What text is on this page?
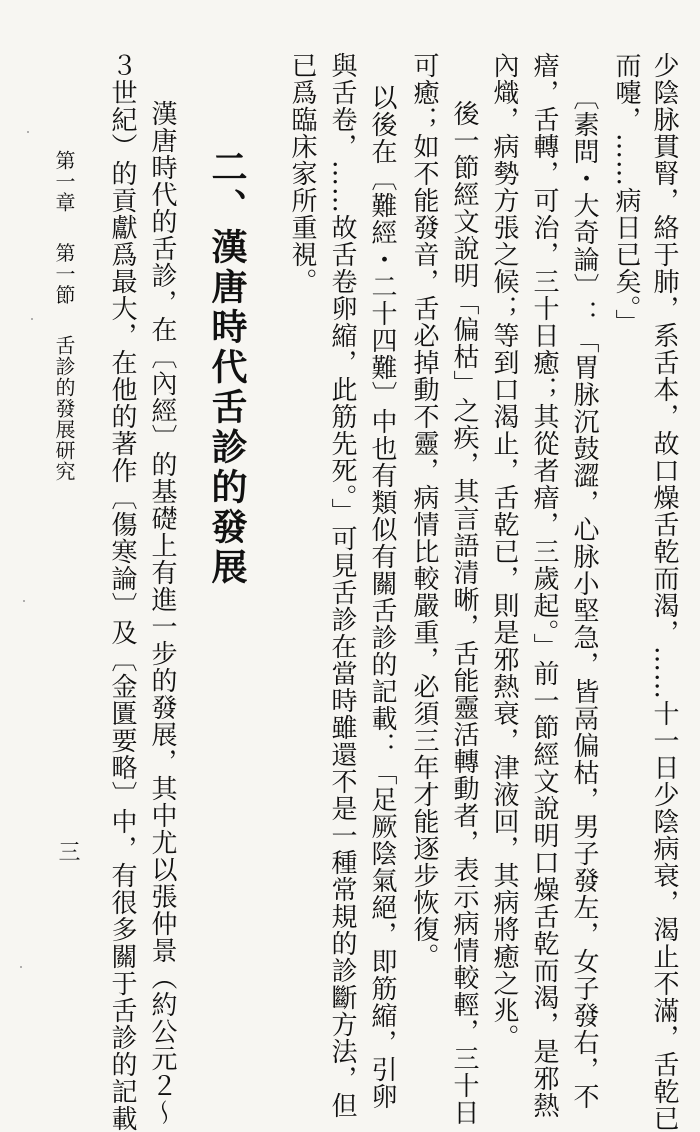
少陰脉貫腎，絡于肺，系舌本，故口燥舌乾而渴，……十一日少陰病衰，渴止不滿，舌乾已
而嚏，……病日已矣。」
〔素問・大奇論〕：「胃脉沉鼓澀，心脉小堅急，皆鬲偏枯，男子發左，女子發右，不
瘖，舌轉，可治，三十日癒；其從者瘖，三歲起。」前一節經文說明口燥舌乾而渴，是邪熱
內熾，病勢方張之候；等到口渴止，舌乾已，則是邪熱衰，津液回，其病將癒之兆。
後一節經文說明「偏枯」之疾，其言語清晰，舌能靈活轉動者，表示病情較輕，三十日
可癒；如不能發音，舌必掉動不靈，病情比較嚴重，必須三年才能逐步恢復。
以後在〔難經・二十四難〕中也有類似有關舌診的記載：「足厥陰氣絕，即筋縮，引卵
與舌卷，……故舌卷卵縮，此筋先死。」可見舌診在當時雖還不是一種常規的診斷方法，但
已爲臨床家所重視。
二、漢唐時代舌診的發展
漢唐時代的舌診，在〔內經〕的基礎上有進一步的發展，其中尤以張仲景（約公元２～
３世紀）的貢獻爲最大，在他的著作〔傷寒論〕及〔金匱要略〕中，有很多關于舌診的記載
第一章 第一節 舌診的發展研究
三
